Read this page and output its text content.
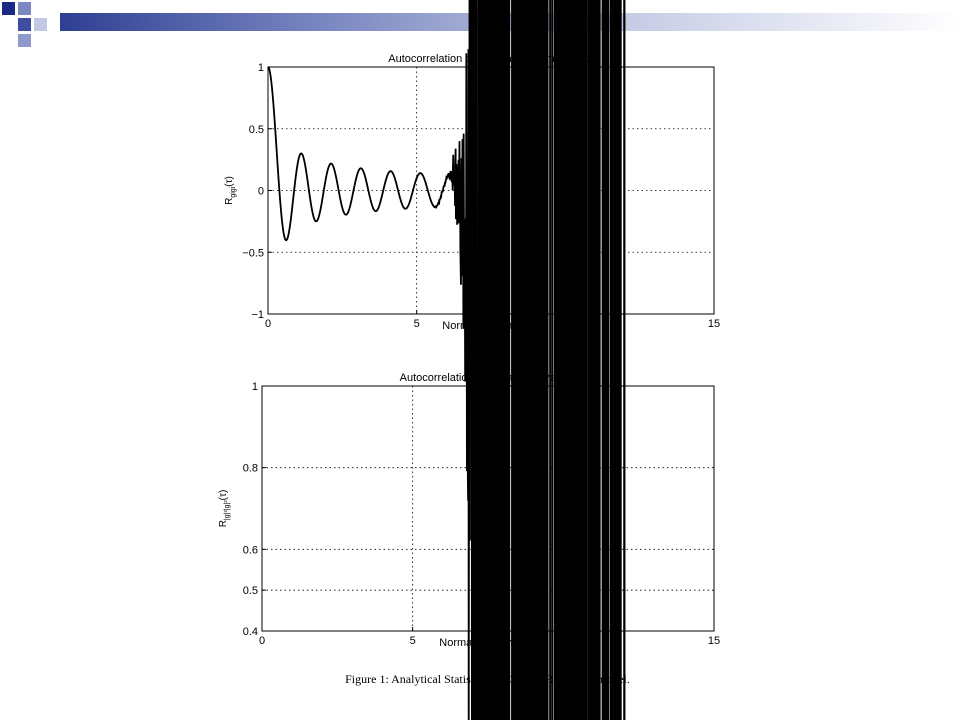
0	5	10	15
−1
−0.5
0
0.5
1
Autocorrelation of quadrature components
Normalized time: $f_d\tau$
$R_{gigi}(\tau)$
0	5	10	15
0.4
0.5
0.6
0.8
1
Autocorrelation of squared envelope
Normalized time: $f_d\tau$
$R_{|g|^2|g|^2}(\tau)$
Figure 1: Analytical Statistics of Clarke's Reference model.
